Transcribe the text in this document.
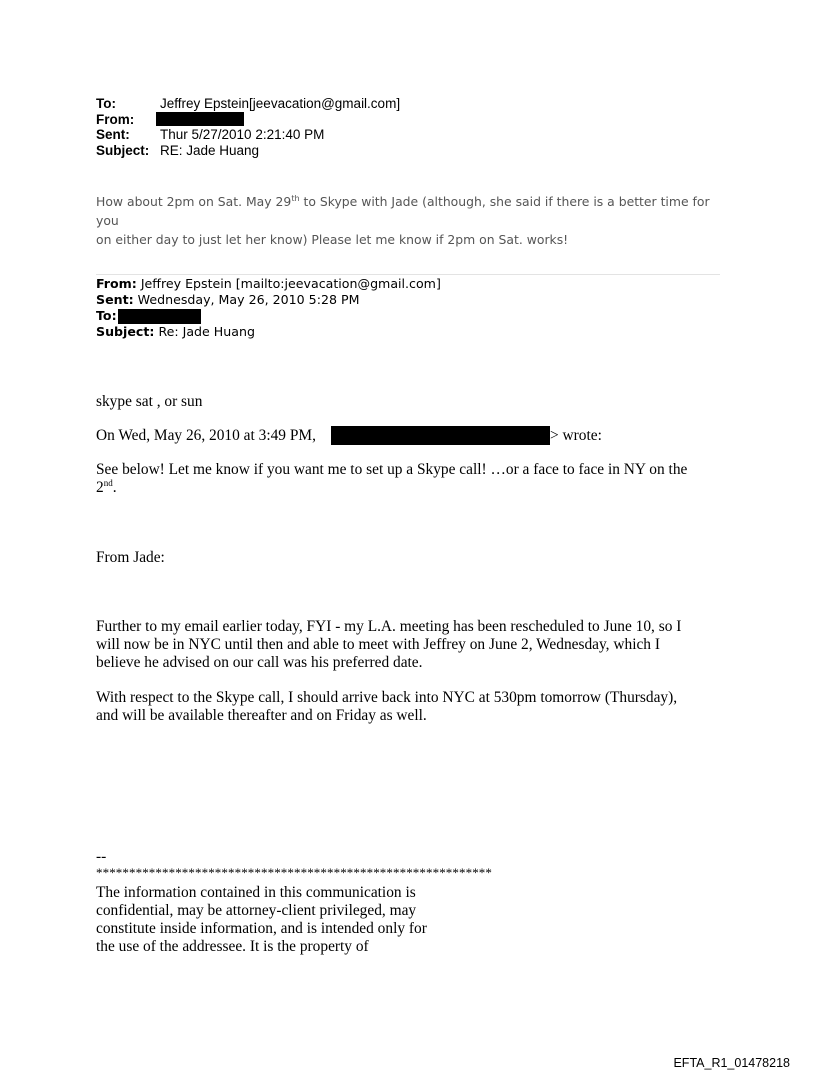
To:	Jeffrey Epstein[jeevacation@gmail.com]
From:
Sent: Thur 5/27/2010 2:21:40 PM
Subject: RE: Jade Huang
How about 2pm on Sat. May 29th to Skype with Jade (although, she said if there is a better time for you
on either day to just let her know) Please let me know if 2pm on Sat. works!
From: Jeffrey Epstein [mailto:jeevacation@gmail.com]
Sent: Wednesday, May 26, 2010 5:28 PM
To:
Subject: Re: Jade Huang
skype sat , or sun
On Wed, May 26, 2010 at 3:49 PM,	> wrote:
See below! Let me know if you want me to set up a Skype call! …or a face to face in NY on the
2nd.
From Jade:
Further to my email earlier today, FYI - my L.A. meeting has been rescheduled to June 10, so I
will now be in NYC until then and able to meet with Jeffrey on June 2, Wednesday, which I
believe he advised on our call was his preferred date.
With respect to the Skype call, I should arrive back into NYC at 530pm tomorrow (Thursday),
and will be available thereafter and on Friday as well.
--
************************************************************
The information contained in this communication is
confidential, may be attorney-client privileged, may
constitute inside information, and is intended only for
the use of the addressee. It is the property of
EFTA_R1_01478218
